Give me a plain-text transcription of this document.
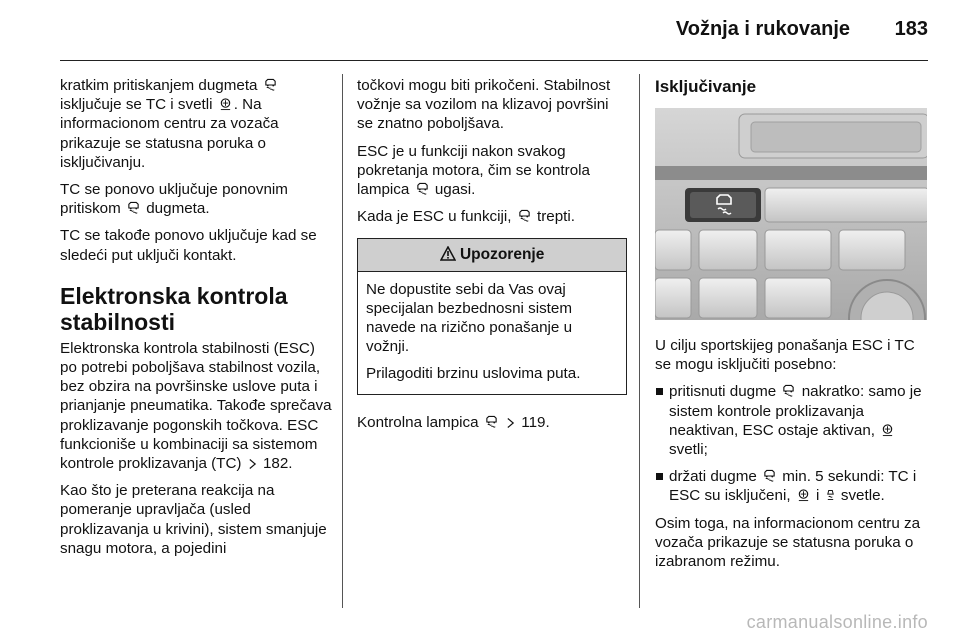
Vožnja i rukovanje	183

kratkim pritiskanjem dugmeta  isključuje se TC i svetli . Na informacionom centru za vozača prikazuje se statusna poruka o isključivanju.

TC se ponovo uključuje ponovnim pritiskom dugmeta.

TC se takođe ponovo uključuje kad se sledeći put uključi kontakt.

Elektronska kontrola stabilnosti

Elektronska kontrola stabilnosti (ESC) po potrebi poboljšava stabilnost vozila, bez obzira na površinske uslove puta i prianjanje pneumatika. Takođe sprečava proklizavanje pogonskih točkova. ESC funkcioniše u kombinaciji sa sistemom kontrole proklizavanja (TC) 182.

Kao što je preterana reakcija na pomeranje upravljača (usled proklizavanja u krivini), sistem smanjuje snagu motora, a pojedini

točkovi mogu biti prikočeni. Stabilnost vožnje sa vozilom na klizavoj površini se znatno poboljšava.

ESC je u funkciji nakon svakog pokretanja motora, čim se kontrola lampica ugasi.

Kada je ESC u funkciji, trepti.

Upozorenje

Ne dopustite sebi da Vas ovaj specijalan bezbednosni sistem navede na rizično ponašanje u vožnji.

Prilagoditi brzinu uslovima puta.

Kontrolna lampica	119.

Isključivanje

U cilju sportskijeg ponašanja ESC i TC se mogu isključiti posebno:

pritisnuti dugme nakratko: samo je sistem kontrole proklizavanja neaktivan, ESC ostaje aktivan,  svetli;
držati dugme min. 5 sekundi: TC i ESC su isključeni, i svetle.

Osim toga, na informacionom centru za vozača prikazuje se statusna poruka o izabranom režimu.

carmanualsonline.info
